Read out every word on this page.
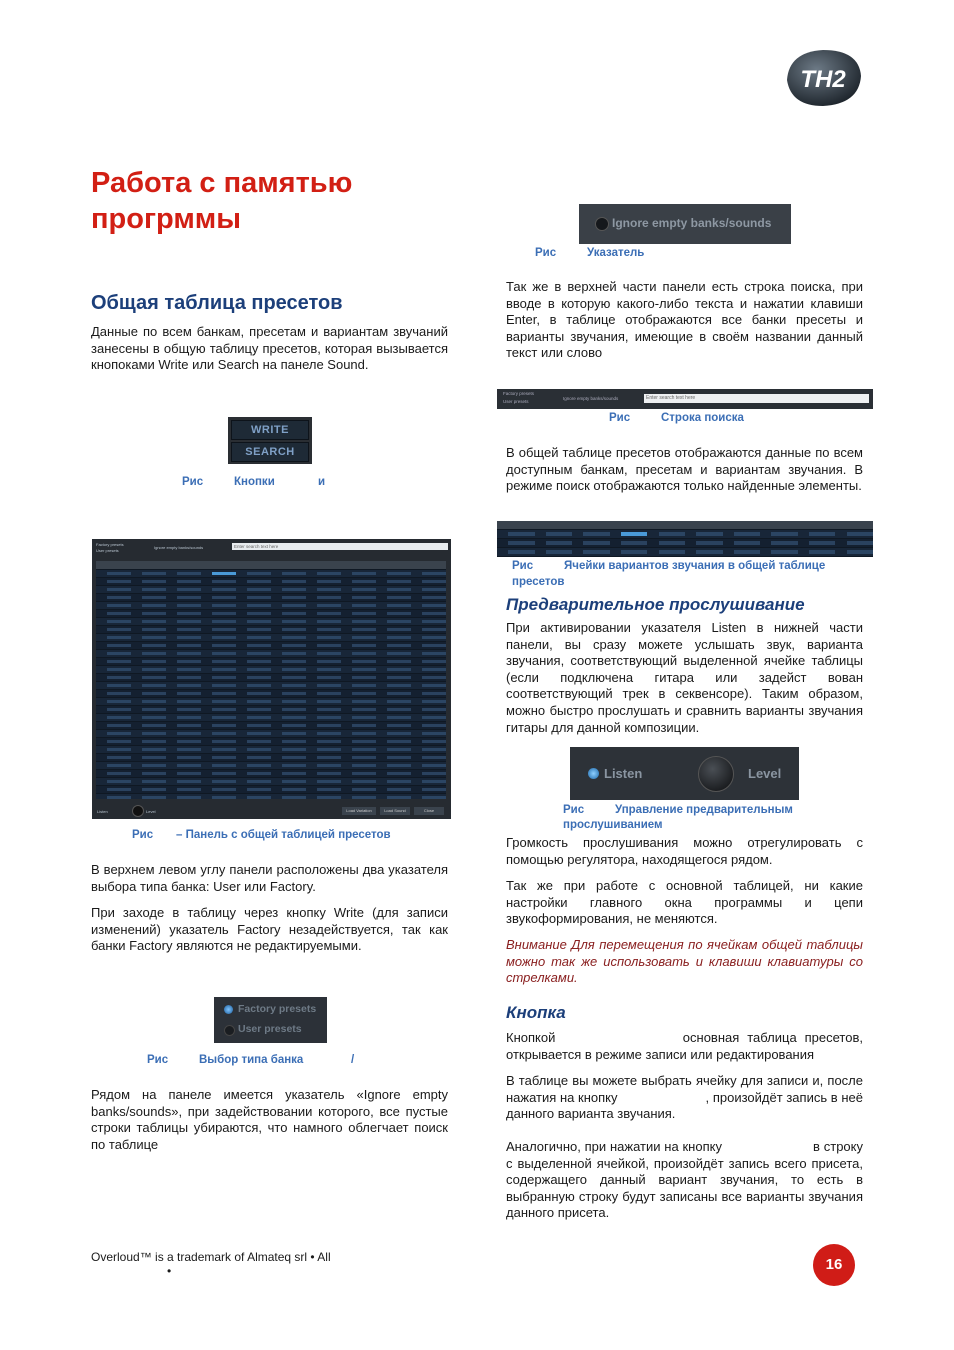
TH2
Работа с памятью прогрммы
Общая таблица пресетов

Данные по всем банкам, пресетам и вариантам звучаний занесены в общую таблицу пресетов, которая вызывается кнопоками Write или Search на панеле Sound.

WRITE
SEARCH
Рис	Кнопки	и
Factory presets
User presets
Ignore empty banks/sounds	Enter search text here
Listen	Level	Load Variation	Load Sound	Close
Рис – Панель с общей таблицей пресетов

В верхнем левом углу панели расположены два указателя выбора типа банка: User или Factory.

При заходе в таблицу через кнопку Write (для записи изменений) указатель Factory незадействуется, так как банки Factory являются не редактируемыми.

Factory presets
User presets
Рис	Выбор типа банка	/

Рядом на панеле имеется указатель «Ignore empty banks/sounds», при задействовании которого, все пустые строки таблицы убираются, что намного облегчает поиск по таблице

Ignore empty banks/sounds
Рис	Указатель

Так же в верхней части панели есть строка поиска, при вводе в которую какого-либо текста и нажатии клавиши Enter, в таблице отображаются все банки пресеты и варианты звучания, имеющие в своём названии данный текст или слово

Factory presets
User presets
Ignore empty banks/sounds	Enter search text here
Рис	Строка поиска

В общей таблице пресетов отображаются данные по всем доступным банкам, пресетам и вариантам звучания. В режиме поиск отображаются только найденные элементы.

Рис	Ячейки вариантов звучания в общей таблице
пресетов
Предварительное прослушивание

При активировании указателя Listen в нижней части панели, вы сразу можете услышать звук, варианта звучания, соответствующий выделенной ячейке таблицы (если подключена гитара или задейст вован соответствующий трек в секвенсоре). Таким образом, можно быстро прослушать и сравнить варианты звучания гитары для данной композиции.

Listen	Level
Рис	Управление предварительным
прослушиванием

Громкость прослушивания можно отрегулировать с помощью регулятора, находящегося рядом.

Так же при работе с основной таблицей, ни какие настройки главного окна программы и цепи звукоформирования, не меняются.

Внимание Для перемещения по ячейкам общей таблицы можно так же использовать и клавиши клавиатуры со стрелками.

Кнопка

Кнопкой                основная таблица пресетов, открывается в режиме записи или редактирования

В таблице вы можете выбрать ячейку для записи и, после нажатия на кнопку                        , произойдёт запись в неё данного варианта звучания.

Аналогично, при нажатии на кнопку                        в строку с выделенной ячейкой, произойдёт запись всего присета, содержащего данный вариант звучания, то есть в выбранную строку будут записаны все варианты звучания данного присета.

Overloud™ is a trademark of Almateq srl • All
•	16
